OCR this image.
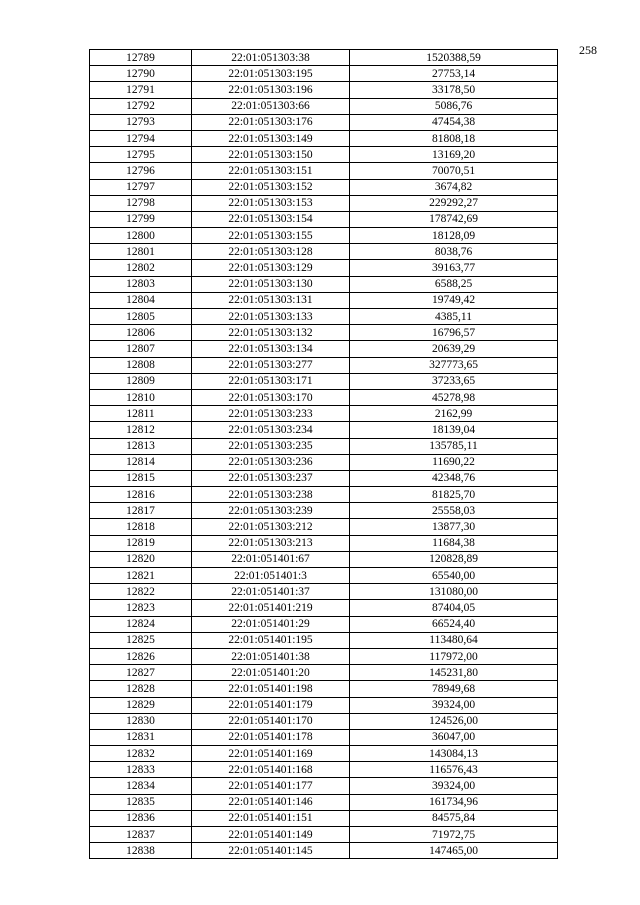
258
12789	22:01:051303:38	1520388,59
12790	22:01:051303:195	27753,14
12791	22:01:051303:196	33178,50
12792	22:01:051303:66	5086,76
12793	22:01:051303:176	47454,38
12794	22:01:051303:149	81808,18
12795	22:01:051303:150	13169,20
12796	22:01:051303:151	70070,51
12797	22:01:051303:152	3674,82
12798	22:01:051303:153	229292,27
12799	22:01:051303:154	178742,69
12800	22:01:051303:155	18128,09
12801	22:01:051303:128	8038,76
12802	22:01:051303:129	39163,77
12803	22:01:051303:130	6588,25
12804	22:01:051303:131	19749,42
12805	22:01:051303:133	4385,11
12806	22:01:051303:132	16796,57
12807	22:01:051303:134	20639,29
12808	22:01:051303:277	327773,65
12809	22:01:051303:171	37233,65
12810	22:01:051303:170	45278,98
12811	22:01:051303:233	2162,99
12812	22:01:051303:234	18139,04
12813	22:01:051303:235	135785,11
12814	22:01:051303:236	11690,22
12815	22:01:051303:237	42348,76
12816	22:01:051303:238	81825,70
12817	22:01:051303:239	25558,03
12818	22:01:051303:212	13877,30
12819	22:01:051303:213	11684,38
12820	22:01:051401:67	120828,89
12821	22:01:051401:3	65540,00
12822	22:01:051401:37	131080,00
12823	22:01:051401:219	87404,05
12824	22:01:051401:29	66524,40
12825	22:01:051401:195	113480,64
12826	22:01:051401:38	117972,00
12827	22:01:051401:20	145231,80
12828	22:01:051401:198	78949,68
12829	22:01:051401:179	39324,00
12830	22:01:051401:170	124526,00
12831	22:01:051401:178	36047,00
12832	22:01:051401:169	143084,13
12833	22:01:051401:168	116576,43
12834	22:01:051401:177	39324,00
12835	22:01:051401:146	161734,96
12836	22:01:051401:151	84575,84
12837	22:01:051401:149	71972,75
12838	22:01:051401:145	147465,00
